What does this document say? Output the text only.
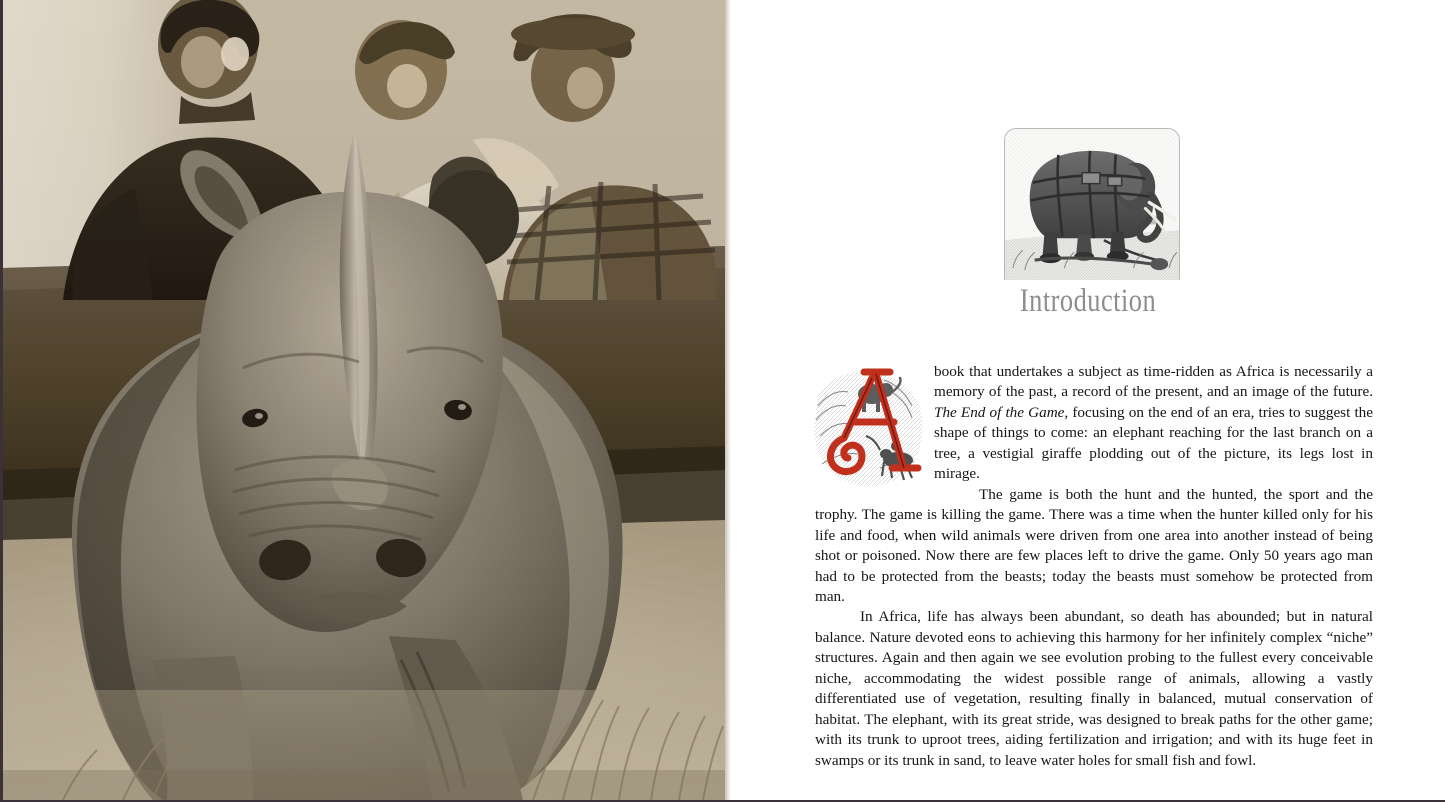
Introduction

book that undertakes a subject as time-ridden as Africa is necessarily a memory of the past, a record of the present, and an image of the future. The End of the Game, focusing on the end of an era, tries to suggest the shape of things to come: an elephant reaching for the last branch on a tree, a vestigial giraffe plodding out of the picture, its legs lost in mirage.

The game is both the hunt and the hunted, the sport and the trophy. The game is killing the game. There was a time when the hunter killed only for his life and food, when wild animals were driven from one area into another instead of being shot or poisoned. Now there are few places left to drive the game. Only 50 years ago man had to be protected from the beasts; today the beasts must somehow be protected from man.

In Africa, life has always been abundant, so death has abounded; but in natural balance. Nature devoted eons to achieving this harmony for her infinitely complex “niche” structures. Again and then again we see evolution probing to the fullest every conceivable niche, accommodating the widest possible range of animals, allowing a vastly differentiated use of vegetation, resulting finally in balanced, mutual conservation of habitat. The elephant, with its great stride, was designed to break paths for the other game; with its trunk to uproot trees, aiding fertilization and irrigation; and with its huge feet in swamps or its trunk in sand, to leave water holes for small fish and fowl.
